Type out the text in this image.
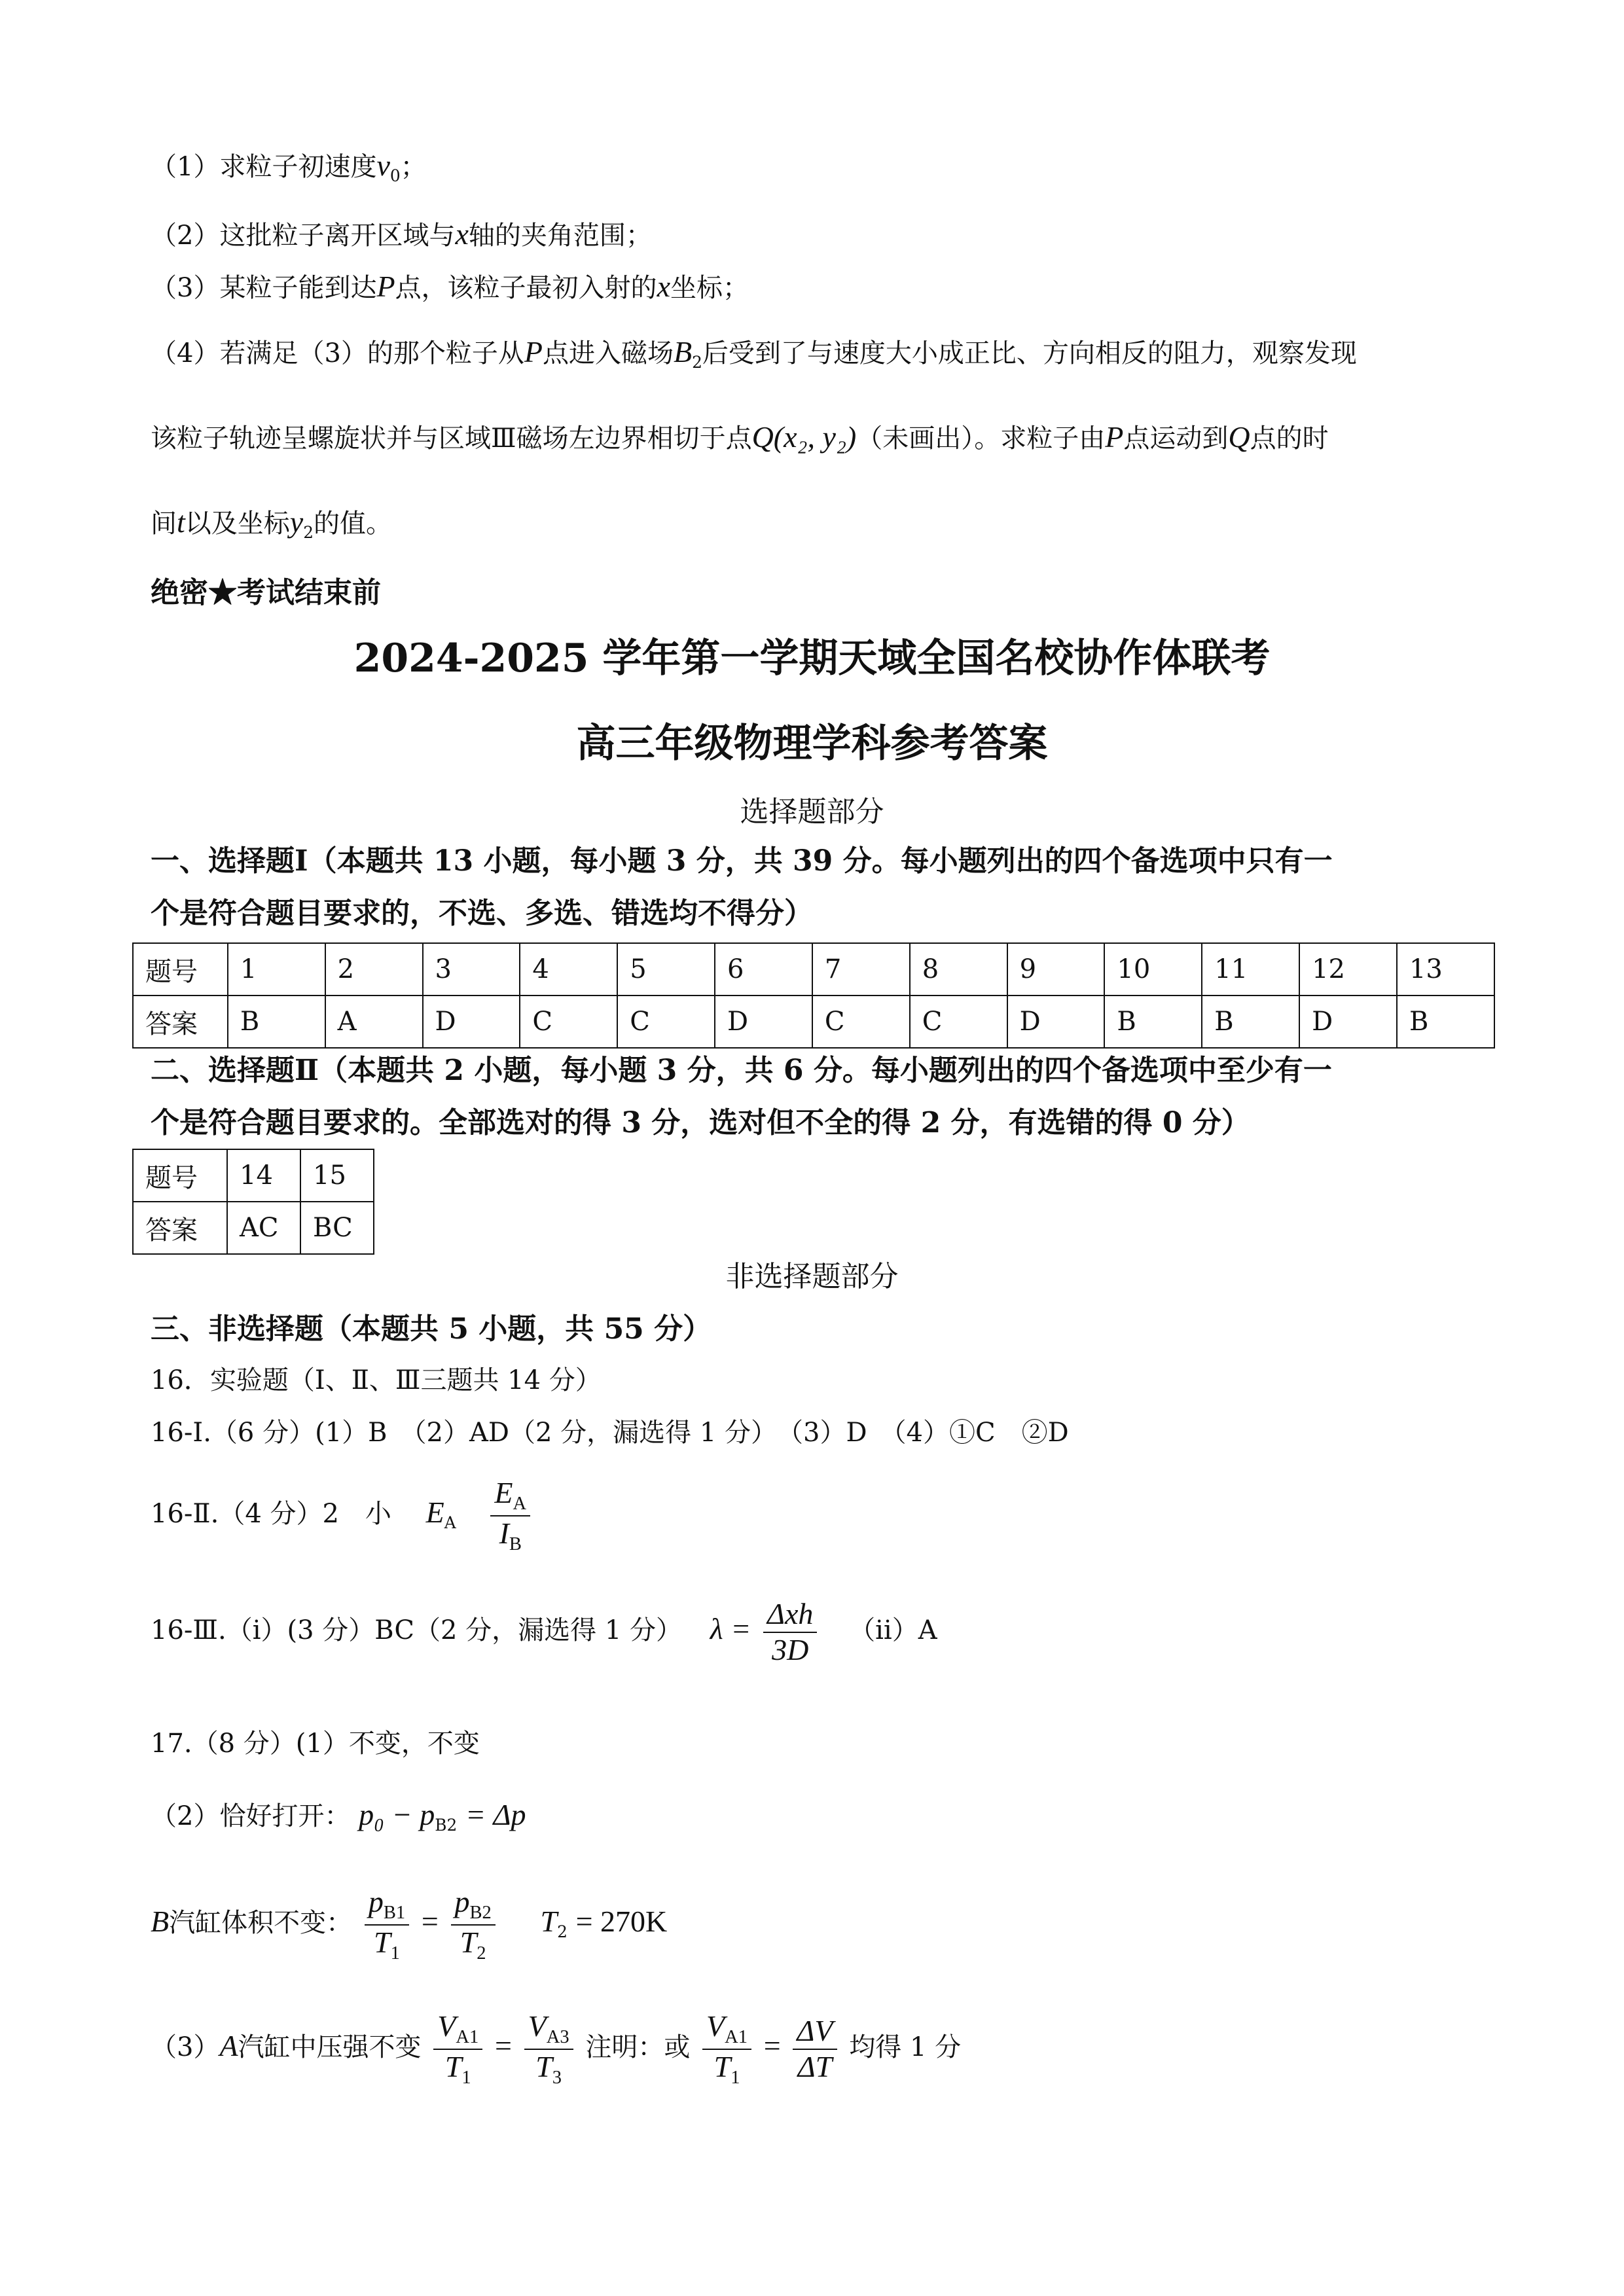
（1）求粒子初速度$v_0$；
（2）这批粒子离开区域与x轴的夹角范围；
（3）某粒子能到达P点，该粒子最初入射的x坐标；
（4）若满足（3）的那个粒子从P点进入磁场$B_2$后受到了与速度大小成正比、方向相反的阻力，观察发现
该粒子轨迹呈螺旋状并与区域Ⅲ磁场左边界相切于点Q(x₂, y₂)（未画出）。求粒子由P点运动到Q点的时
间t以及坐标$y_2$的值。
绝密★考试结束前
2024-2025 学年第一学期天域全国名校协作体联考
高三年级物理学科参考答案
选择题部分
一、选择题Ⅰ（本题共 13 小题，每小题 3 分，共 39 分。每小题列出的四个备选项中只有一
个是符合题目要求的，不选、多选、错选均不得分）
题号	1	2	3	4	5	6	7	8	9	10	11	12	13
答案	B	A	D	C	C	D	C	C	D	B	B	D	B
二、选择题Ⅱ（本题共 2 小题，每小题 3 分，共 6 分。每小题列出的四个备选项中至少有一
个是符合题目要求的。全部选对的得 3 分，选对但不全的得 2 分，有选错的得 0 分）
题号	14	15
答案	AC	BC
非选择题部分
三、非选择题（本题共 5 小题，共 55 分）
16．实验题（Ⅰ、Ⅱ、Ⅲ三题共 14 分）
16-Ⅰ.（6 分）(1）B　（2）AD（2 分，漏选得 1 分）　（3）D　（4）①C　②D
16-Ⅱ.（4 分）2　小 $E_A \frac{E_A}{I_B}$
16-Ⅲ.（ⅰ）(3 分）BC（2 分，漏选得 1 分） $\lambda = \frac{\text{Δxh}}{3D}$ （ⅱ）A
17.（8 分）(1）不变，不变
（2）恰好打开： $p_0 - p_{B2} = \Delta p$
B汽缸体积不变： $\frac{p_{B1}}{T_1} = \frac{p_{B2}}{T_2} T_2 = 270K$
（3）A汽缸中压强不变 $\frac{V_{A1}}{T_1} = \frac{V_{A3}}{T_3}$ 注明：或 $\frac{V_{A1}}{T_1} = \frac{\Delta V}{\Delta T}$ 均得 1 分
